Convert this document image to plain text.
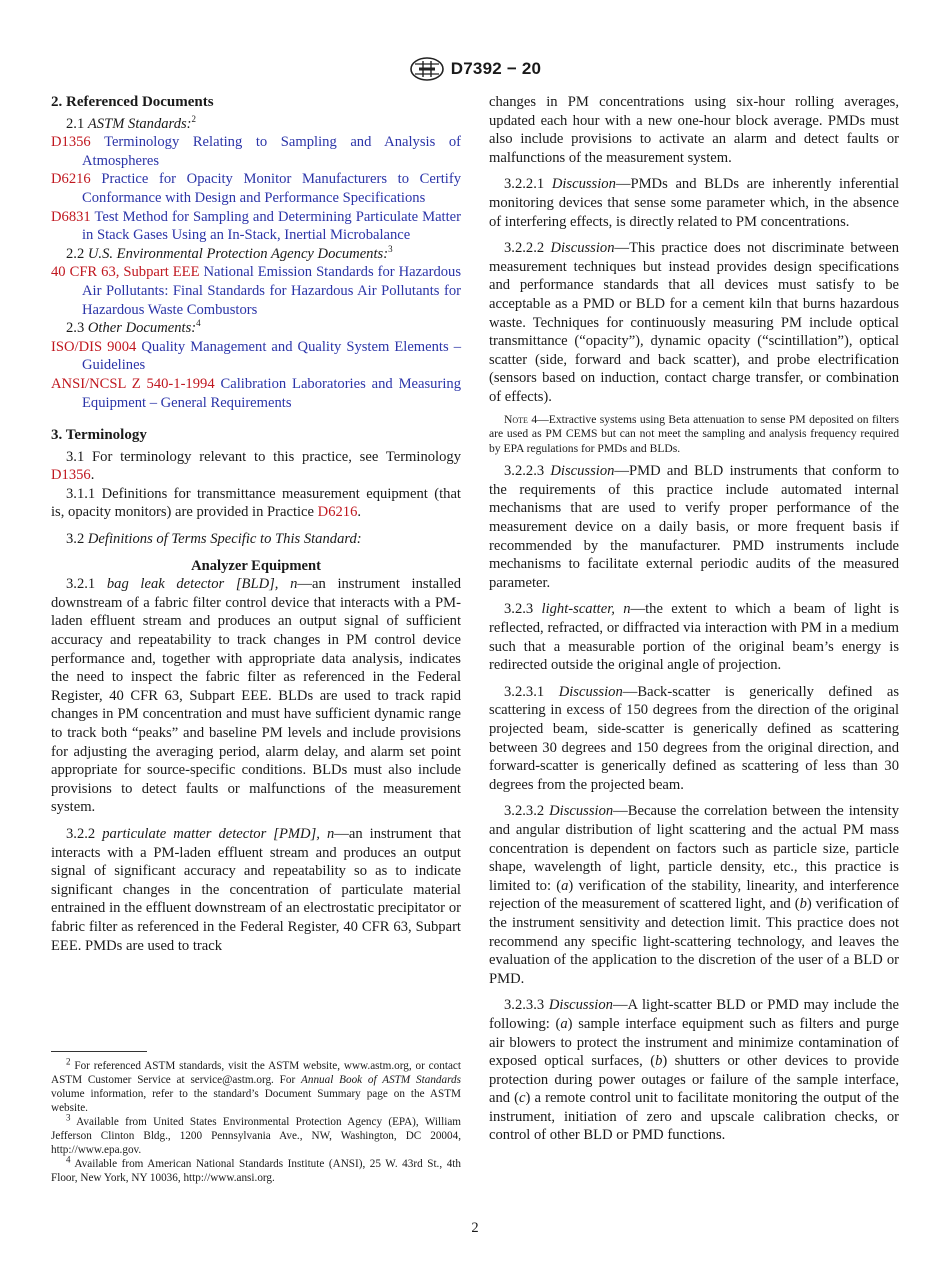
D7392 − 20

2. Referenced Documents

2.1 ASTM Standards:$^2$

D1356 Terminology Relating to Sampling and Analysis of Atmospheres

D6216 Practice for Opacity Monitor Manufacturers to Certify Conformance with Design and Performance Specifications

D6831 Test Method for Sampling and Determining Particulate Matter in Stack Gases Using an In-Stack, Inertial Microbalance

2.2 U.S. Environmental Protection Agency Documents:$^3$

40 CFR 63, Subpart EEE National Emission Standards for Hazardous Air Pollutants: Final Standards for Hazardous Air Pollutants for Hazardous Waste Combustors

2.3 Other Documents:$^4$

ISO/DIS 9004 Quality Management and Quality System Elements – Guidelines

ANSI/NCSL Z 540-1-1994 Calibration Laboratories and Measuring Equipment – General Requirements

3. Terminology

3.1 For terminology relevant to this practice, see Terminology D1356.

3.1.1 Definitions for transmittance measurement equipment (that is, opacity monitors) are provided in Practice D6216.

3.2 Definitions of Terms Specific to This Standard:

Analyzer Equipment

3.2.1 bag leak detector [BLD], n—an instrument installed downstream of a fabric filter control device that interacts with a PM-laden effluent stream and produces an output signal of sufficient accuracy and repeatability to track changes in PM control device performance and, together with appropriate data analysis, indicates the need to inspect the fabric filter as referenced in the Federal Register, 40 CFR 63, Subpart EEE. BLDs are used to track rapid changes in PM concentration and must have sufficient dynamic range to track both “peaks” and baseline PM levels and include provisions for adjusting the averaging period, alarm delay, and alarm set point appropriate for source-specific conditions. BLDs must also include provisions to detect faults or malfunctions of the measurement system.

3.2.2 particulate matter detector [PMD], n—an instrument that interacts with a PM-laden effluent stream and produces an output signal of significant accuracy and repeatability so as to indicate significant changes in the concentration of particulate material entrained in the effluent downstream of an electrostatic precipitator or fabric filter as referenced in the Federal Register, 40 CFR 63, Subpart EEE. PMDs are used to track

$^2$ For referenced ASTM standards, visit the ASTM website, www.astm.org, or contact ASTM Customer Service at service@astm.org. For Annual Book of ASTM Standards volume information, refer to the standard’s Document Summary page on the ASTM website.

$^3$ Available from United States Environmental Protection Agency (EPA), William Jefferson Clinton Bldg., 1200 Pennsylvania Ave., NW, Washington, DC 20004, http://www.epa.gov.

$^4$ Available from American National Standards Institute (ANSI), 25 W. 43rd St., 4th Floor, New York, NY 10036, http://www.ansi.org.

changes in PM concentrations using six-hour rolling averages, updated each hour with a new one-hour block average. PMDs must also include provisions to activate an alarm and detect faults or malfunctions of the measurement system.

3.2.2.1 Discussion—PMDs and BLDs are inherently inferential monitoring devices that sense some parameter which, in the absence of interfering effects, is directly related to PM concentrations.

3.2.2.2 Discussion—This practice does not discriminate between measurement techniques but instead provides design specifications and performance standards that all devices must satisfy to be acceptable as a PMD or BLD for a cement kiln that burns hazardous waste. Techniques for continuously measuring PM include optical transmittance (“opacity”), dynamic opacity (“scintillation”), optical scatter (side, forward and back scatter), and probe electrification (sensors based on induction, contact charge transfer, or combination of effects).

Note 4—Extractive systems using Beta attenuation to sense PM deposited on filters are used as PM CEMS but can not meet the sampling and analysis frequency required by EPA regulations for PMDs and BLDs.

3.2.2.3 Discussion—PMD and BLD instruments that conform to the requirements of this practice include automated internal mechanisms that are used to verify proper performance of the measurement device on a daily basis, or more frequent basis if recommended by the manufacturer. PMD instruments include mechanisms to facilitate external periodic audits of the measured parameter.

3.2.3 light-scatter, n—the extent to which a beam of light is reflected, refracted, or diffracted via interaction with PM in a medium such that a measurable portion of the original beam’s energy is redirected outside the original angle of projection.

3.2.3.1 Discussion—Back-scatter is generically defined as scattering in excess of 150 degrees from the direction of the original projected beam, side-scatter is generically defined as scattering between 30 degrees and 150 degrees from the original direction, and forward-scatter is generically defined as scattering of less than 30 degrees from the projected beam.

3.2.3.2 Discussion—Because the correlation between the intensity and angular distribution of light scattering and the actual PM mass concentration is dependent on factors such as particle size, particle shape, wavelength of light, particle density, etc., this practice is limited to: (a) verification of the stability, linearity, and interference rejection of the measurement of scattered light, and (b) verification of the instrument sensitivity and detection limit. This practice does not recommend any specific light-scattering technology, and leaves the evaluation of the application to the discretion of the user of a BLD or PMD.

3.2.3.3 Discussion—A light-scatter BLD or PMD may include the following: (a) sample interface equipment such as filters and purge air blowers to protect the instrument and minimize contamination of exposed optical surfaces, (b) shutters or other devices to provide protection during power outages or failure of the sample interface, and (c) a remote control unit to facilitate monitoring the output of the instrument, initiation of zero and upscale calibration checks, or control of other BLD or PMD functions.

2
